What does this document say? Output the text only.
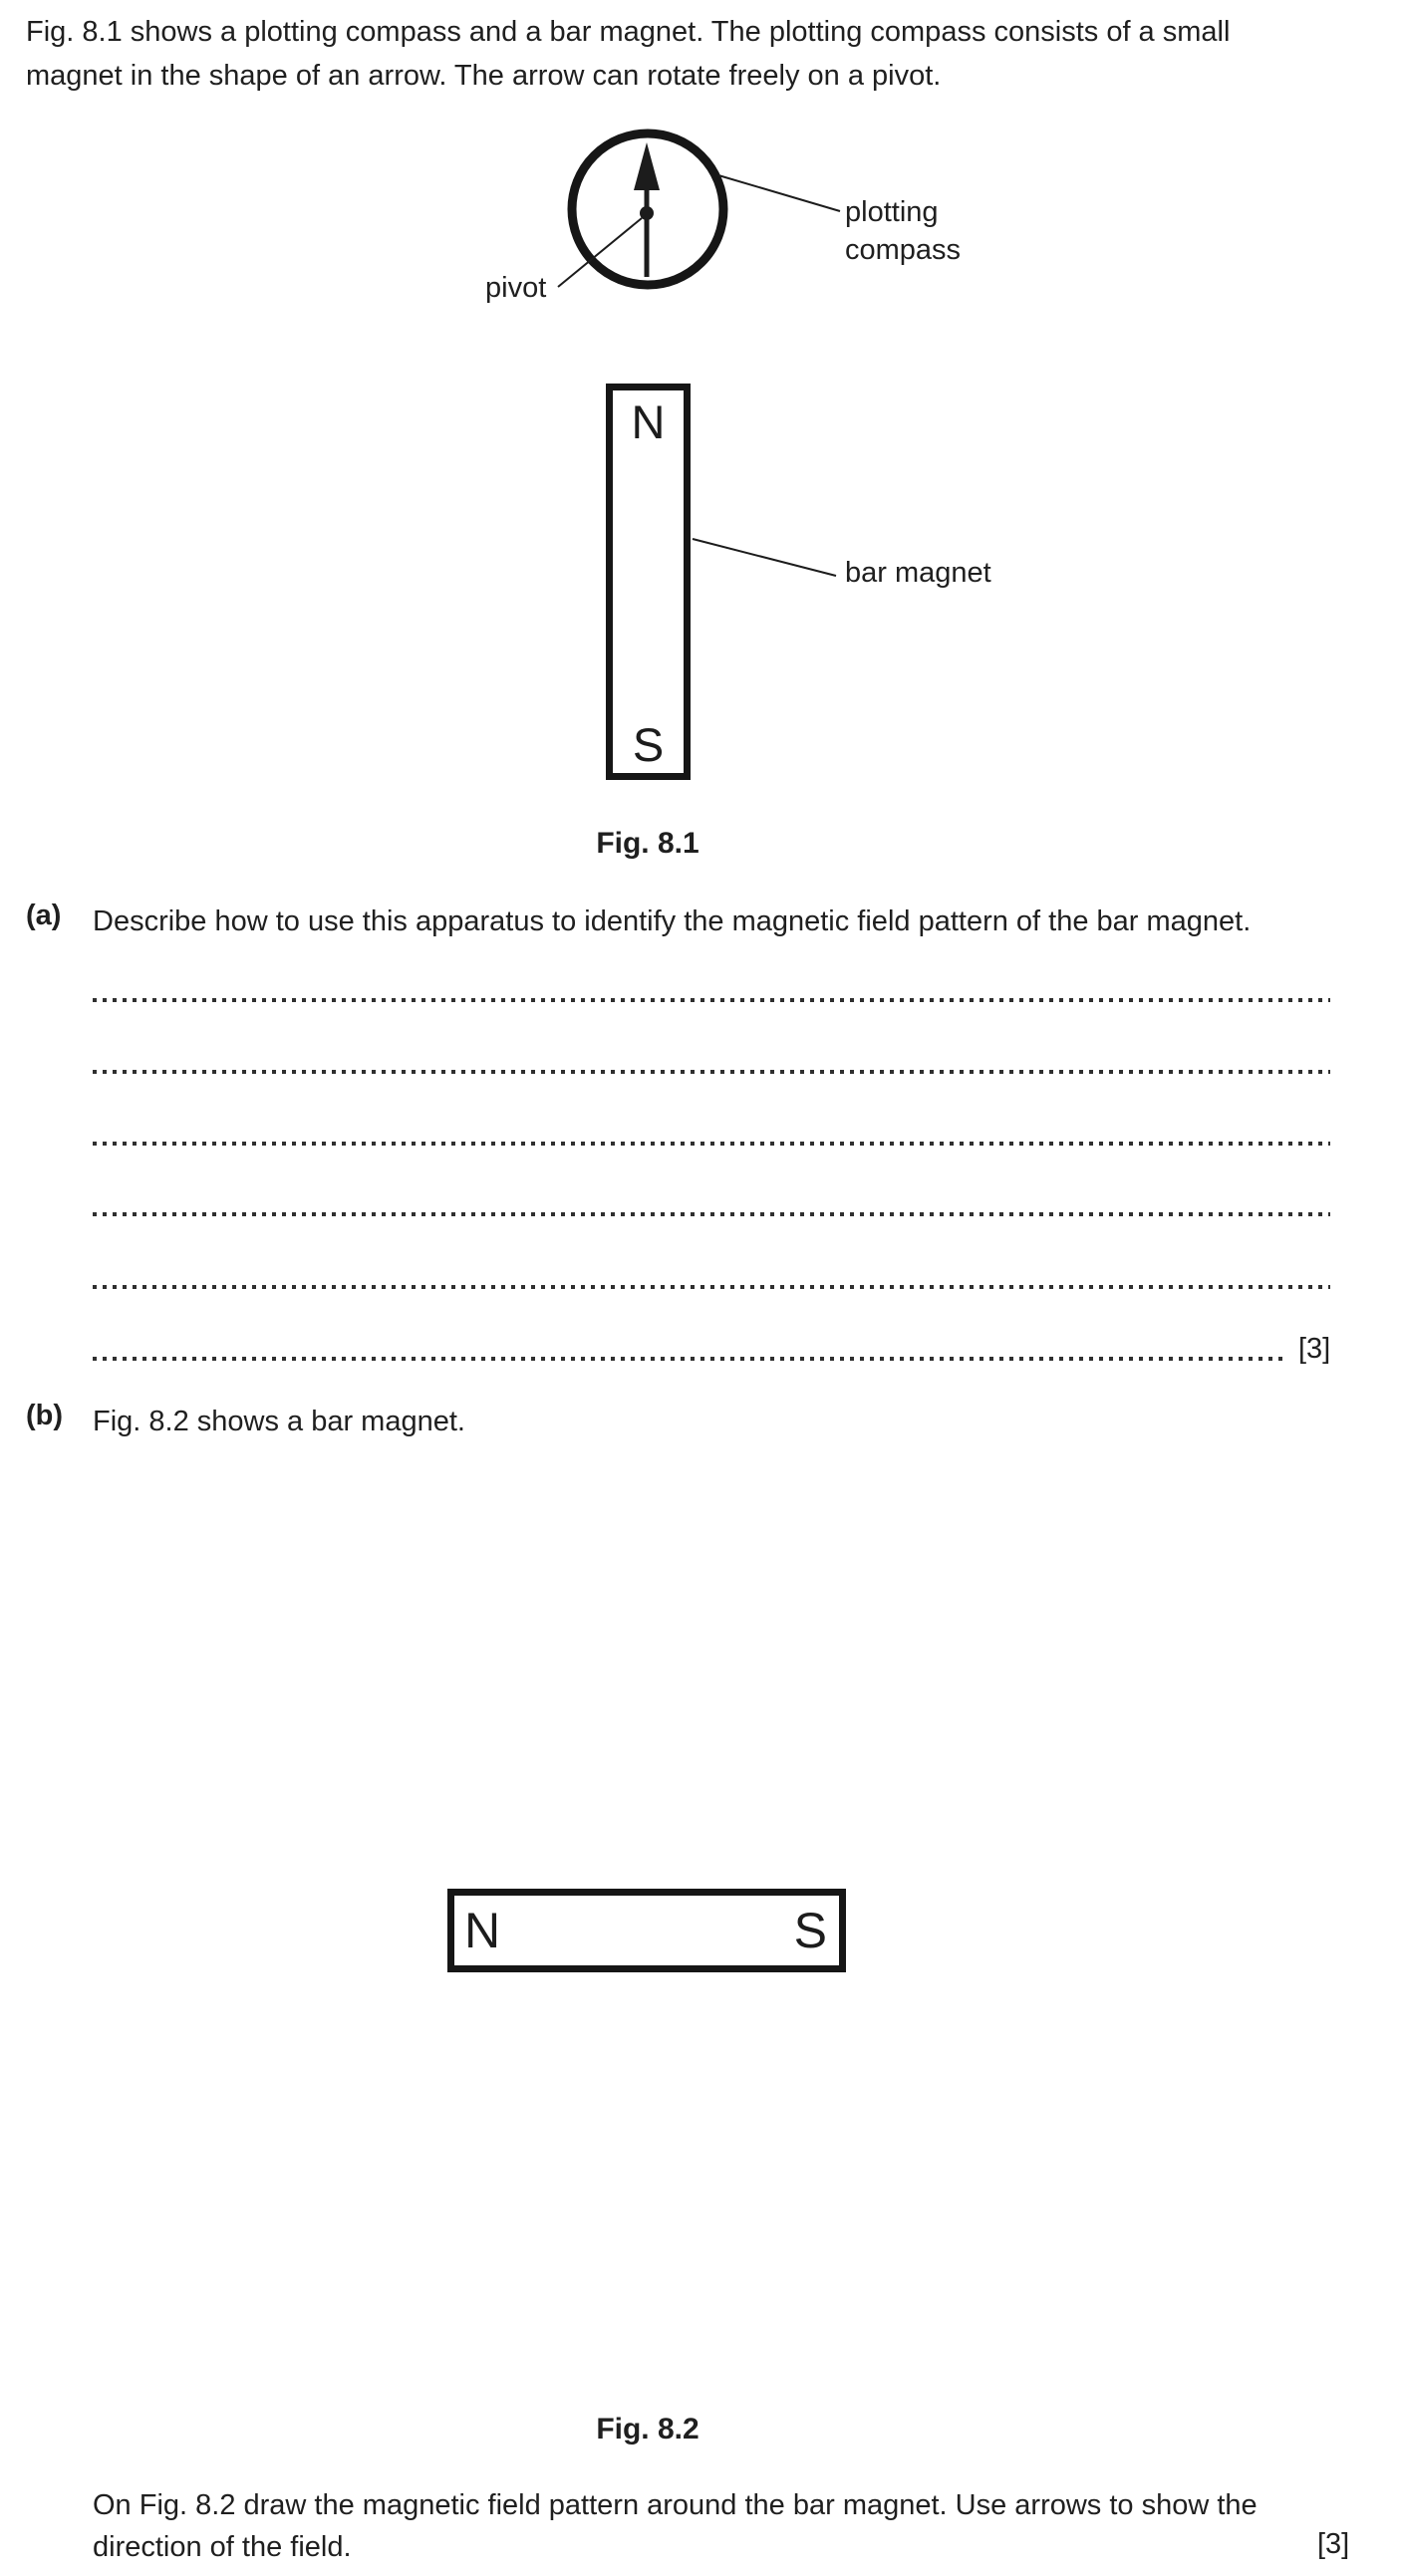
Fig. 8.1 shows a plotting compass and a bar magnet. The plotting compass consists of a small
magnet in the shape of an arrow. The arrow can rotate freely on a pivot.
pivot
plotting
compass
N
S
bar magnet
Fig. 8.1
(a) Describe how to use this apparatus to identify the magnetic field pattern of the bar magnet.
[3]
(b) Fig. 8.2 shows a bar magnet.
N	S
Fig. 8.2
On Fig. 8.2 draw the magnetic field pattern around the bar magnet. Use arrows to show the
direction of the field.	[3]
